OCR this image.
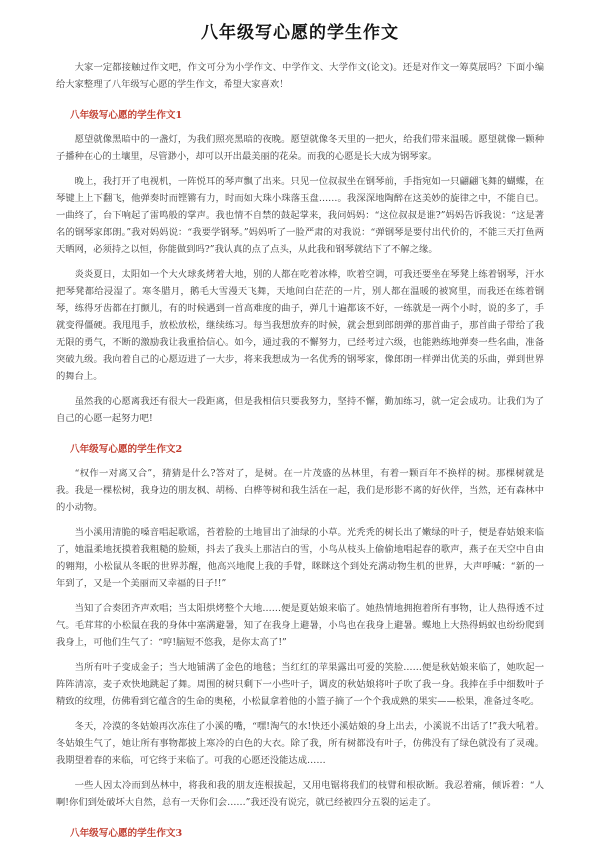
八年级写心愿的学生作文

大家一定都接触过作文吧，作文可分为小学作文、中学作文、大学作文(论文)。还是对作文一筹莫展吗？下面小编给大家整理了八年级写心愿的学生作文，希望大家喜欢！

八年级写心愿的学生作文1

愿望就像黑暗中的一盏灯，为我们照亮黑暗的夜晚。愿望就像冬天里的一把火，给我们带来温暖。愿望就像一颗种子播种在心的土壤里，尽管渺小，却可以开出最美丽的花朵。而我的心愿是长大成为钢琴家。

晚上，我打开了电视机，一阵悦耳的琴声飘了出来。只见一位叔叔坐在钢琴前，手指宛如一只翩翩飞舞的蝴蝶，在琴键上上下翻飞，他弹奏时而铿锵有力，时而如大珠小珠落玉盘……。我深深地陶醉在这美妙的旋律之中，不能自已。一曲终了，台下响起了雷鸣般的掌声。我也情不自禁的鼓起掌来，我问妈妈：“这位叔叔是谁?”妈妈告诉我说：“这是著名的钢琴家郎朗。”我对妈妈说：“我要学钢琴。”妈妈听了一脸严肃的对我说：“弹钢琴是要付出代价的，不能三天打鱼两天晒网，必须持之以恒，你能做到吗?”我认真的点了点头，从此我和钢琴就结下了不解之缘。

炎炎夏日，太阳如一个大火球炙烤着大地，别的人都在吃着冰棒，吹着空调，可我还要坐在琴凳上练着钢琴，汗水把琴凳都给浸湿了。寒冬腊月，鹅毛大雪漫天飞舞，天地间白茫茫的一片，别人都在温暖的被窝里，而我还在练着钢琴，练得牙齿都在打颤儿，有的时候遇到一首高难度的曲子，弹几十遍都该不好，一练就是一两个小时，说的多了，手就变得僵硬。我甩甩手，放松放松，继续练习。每当我想放弃的时候，就会想到郎朗弹的那首曲子，那首曲子带给了我无限的勇气，不断的激励我让我重拾信心。如今，通过我的不懈努力，已经考过六级，也能熟练地弹奏一些名曲，准备突破九级。我向着自己的心愿迈进了一大步，将来我想成为一名优秀的钢琴家，像郎朗一样弹出优美的乐曲，弹到世界的舞台上。

虽然我的心愿离我还有很大一段距离，但是我相信只要我努力，坚持不懈，勤加练习，就一定会成功。让我们为了自己的心愿一起努力吧!

八年级写心愿的学生作文2

“权作一对离又合”，猜猜是什么?答对了，是树。在一片茂盛的丛林里，有着一颗百年不换样的树。那棵树就是我。我是一棵松树，我身边的朋友枫、胡杨、白桦等树和我生活在一起，我们是形影不离的好伙伴，当然，还有森林中的小动物。

当小溪用清脆的嗓音唱起歌谣，苔着脸的土地冒出了油绿的小草。光秃秃的树长出了嫩绿的叶子，便是春姑娘来临了，她温柔地抚摸着我粗糙的脸颊，抖去了我头上那洁白的雪，小鸟从枝头上偷偷地唱起春的歌声，燕子在天空中自由的翱翔，小松鼠从冬眠的世界苏醒，他高兴地爬上我的手臂，眯眯这个到处充满动物生机的世界，大声呼喊：“新的一年到了，又是一个美丽而又幸福的日子!!”

当知了合奏团齐声欢唱；当太阳烘烤整个大地……便是夏姑娘来临了。她热情地拥抱着所有事物，让人热得透不过气。毛茸茸的小松鼠在我的身体中塞满避暑，知了在我身上避暑，小鸟也在我身上避暑。蝶地上大热得蚂蚁也纷纷爬到我身上，可他们生气了：“哼!脑短不悠我，是你太高了!”

当所有叶子变成金子；当大地铺满了金色的地毯；当红红的苹果露出可爱的笑脸……便是秋姑娘来临了，她吹起一阵阵清凉，麦子欢快地跳起了舞。周围的树只剩下一小些叶子，调皮的秋姑娘将叶子吹了我一身。我捧在手中细数叶子精致的纹理，仿佛看到它蕴含的生命的奥秘，小松鼠拿着他的小篮子摘了一个个我成熟的果实——松果，准备过冬吃。

冬天，冷漠的冬姑娘再次冻住了小溪的嘴，“嘿!淘气的水!快还小溪姑娘的身上出去，小溪说不出话了!”我大吼着。冬姑娘生气了，她让所有事物都披上寒冷的白色的大衣。除了我，所有树都没有叶子，仿佛没有了绿色就没有了灵魂。我期望着春的来临，可它终于来临了。可我的心愿还没能达成……

一些人因太冷而到丛林中，将我和我的朋友连根拔起，又用电锯将我们的枝臂和根砍断。我忍着痛，倾诉着：“人啊!你们到处破坏大自然，总有一天你们会……”我还没有说完，就已经被四分五裂的运走了。

八年级写心愿的学生作文3
